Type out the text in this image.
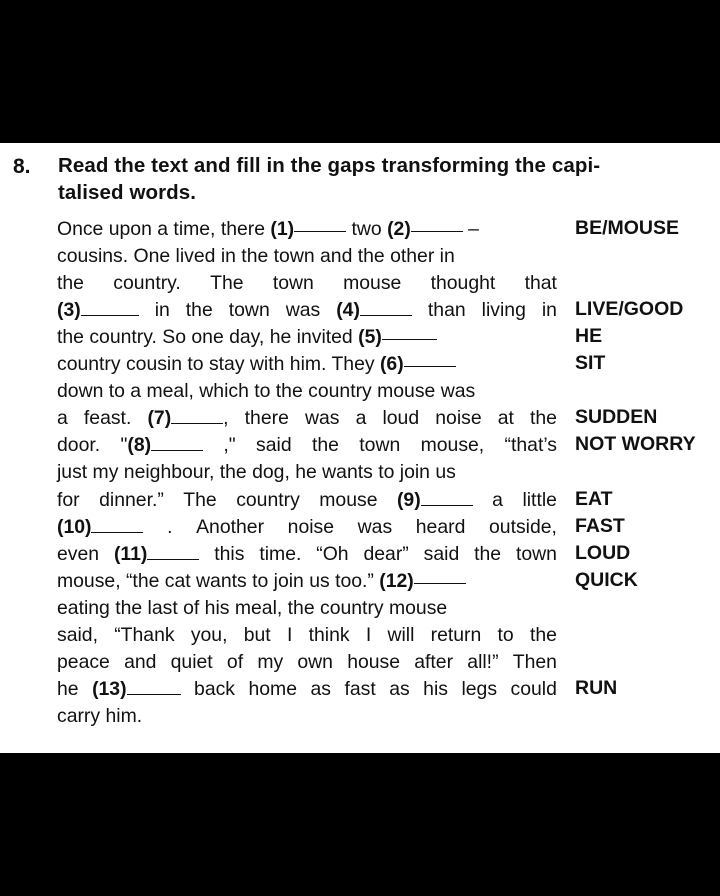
8. Read the text and fill in the gaps transforming the capi-
talised words.
Once upon a time, there (1)	two (2)	–
cousins. One lived in the town and the other in
the country. The town mouse thought that
(3)	in the town was (4)	than living in
the country. So one day, he invited (5)
country cousin to stay with him. They (6)
down to a meal, which to the country mouse was
a feast. (7)	, there was a loud noise at the
door. "(8)	," said the town mouse, “that’s
just my neighbour, the dog, he wants to join us
for dinner.” The country mouse (9)	a little
(10)	. Another noise was heard outside,
even (11)	this time. “Oh dear” said the town
mouse, “the cat wants to join us too.” (12)
eating the last of his meal, the country mouse
said, “Thank you, but I think I will return to the
peace and quiet of my own house after all!” Then
he (13)	back home as fast as his legs could
carry him.
BE/MOUSE
LIVE/GOOD
HE
SIT
SUDDEN
NOT WORRY
EAT
FAST
LOUD
QUICK
RUN
